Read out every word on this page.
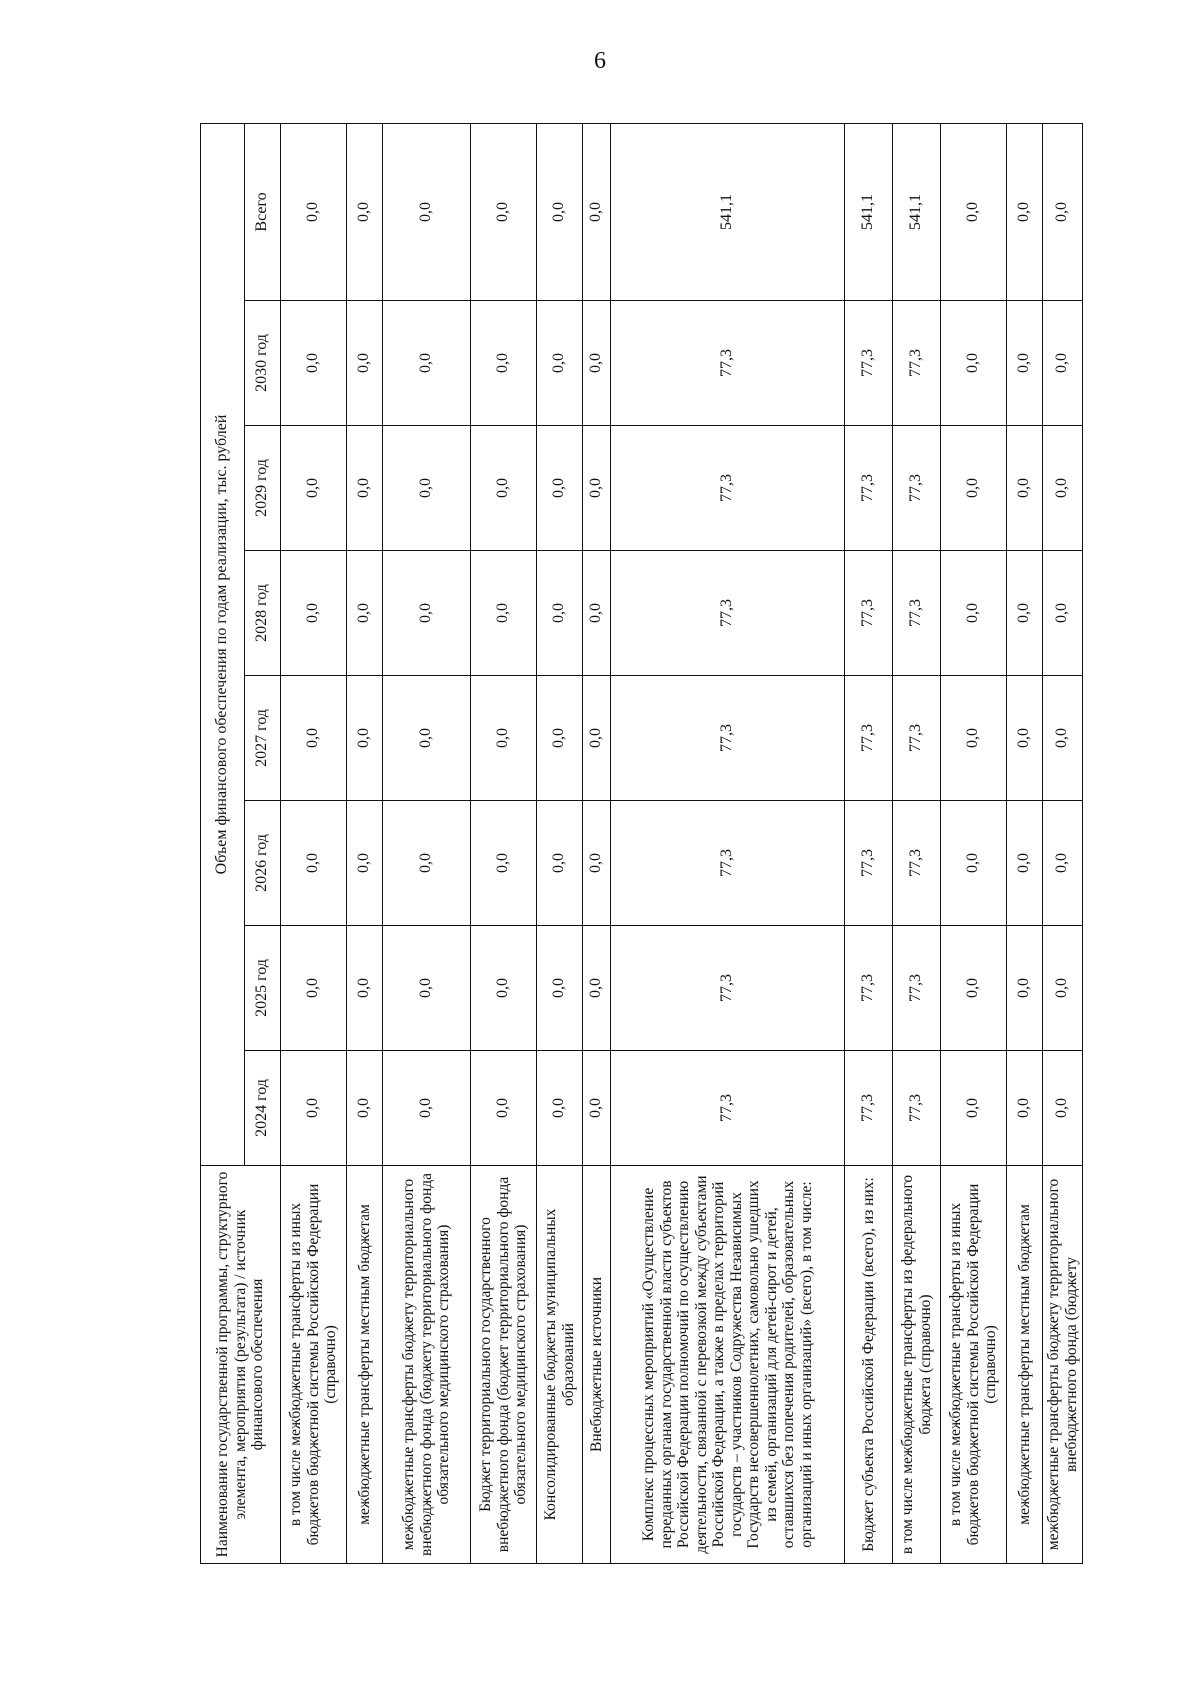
6
Наименование государственной программы, структурного элемента, мероприятия (результата) / источник финансового обеспечения	Объем финансового обеспечения по годам реализации, тыс. рублей							
	2024 год	2025 год	2026 год	2027 год	2028 год	2029 год	2030 год	Всего
в том числе межбюджетные трансферты из иных бюджетов бюджетной системы Российской Федерации (справочно)	0,0	0,0	0,0	0,0	0,0	0,0	0,0	0,0
межбюджетные трансферты местным бюджетам	0,0	0,0	0,0	0,0	0,0	0,0	0,0	0,0
межбюджетные трансферты бюджету территориального внебюджетного фонда (бюджету территориального фонда обязательного медицинского страхования)	0,0	0,0	0,0	0,0	0,0	0,0	0,0	0,0
Бюджет территориального государственного внебюджетного фонда (бюджет территориального фонда обязательного медицинского страхования)	0,0	0,0	0,0	0,0	0,0	0,0	0,0	0,0
Консолидированные бюджеты муниципальных образований	0,0	0,0	0,0	0,0	0,0	0,0	0,0	0,0
Внебюджетные источники	0,0	0,0	0,0	0,0	0,0	0,0	0,0	0,0
Комплекс процессных мероприятий «Осуществление переданных органам государственной власти субъектов Российской Федерации полномочий по осуществлению деятельности, связанной с перевозкой между субъектами Российской Федерации, а также в пределах территорий государств – участников Содружества Независимых Государств несовершеннолетних, самовольно ушедших из семей, организаций для детей-сирот и детей, оставшихся без попечения родителей, образовательных организаций и иных организаций» (всего), в том числе:	77,3	77,3	77,3	77,3	77,3	77,3	77,3	541,1
Бюджет субъекта Российской Федерации (всего), из них:	77,3	77,3	77,3	77,3	77,3	77,3	77,3	541,1
в том числе межбюджетные трансферты из федерального бюджета (справочно)	77,3	77,3	77,3	77,3	77,3	77,3	77,3	541,1
в том числе межбюджетные трансферты из иных бюджетов бюджетной системы Российской Федерации (справочно)	0,0	0,0	0,0	0,0	0,0	0,0	0,0	0,0
межбюджетные трансферты местным бюджетам	0,0	0,0	0,0	0,0	0,0	0,0	0,0	0,0
межбюджетные трансферты бюджету территориального внебюджетного фонда (бюджету	0,0	0,0	0,0	0,0	0,0	0,0	0,0	0,0
